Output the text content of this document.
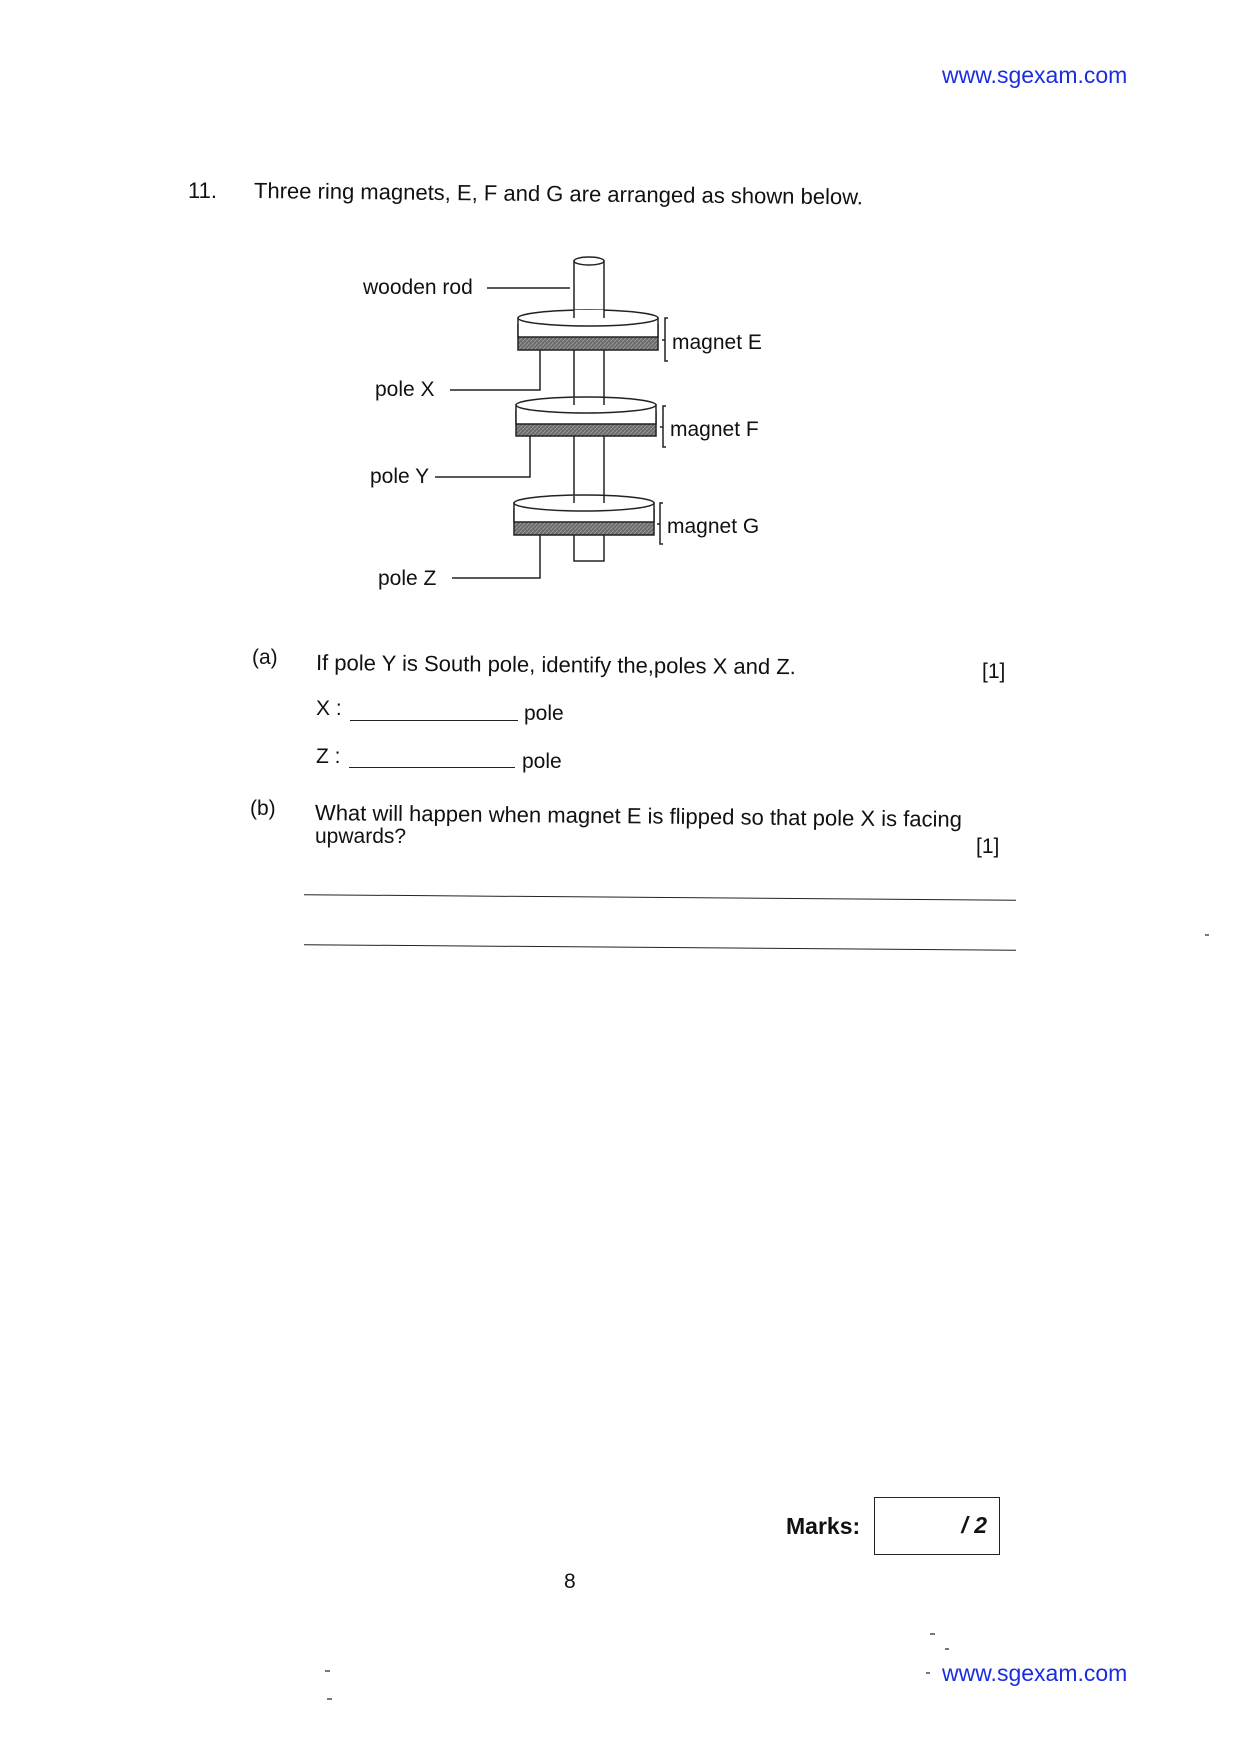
www.sgexam.com
www.sgexam.com
11. Three ring magnets, E, F and G are arranged as shown below.
wooden rod
pole X
pole Y
pole Z
magnet E
magnet F
magnet G
(a) If pole Y is South pole, identify the,poles X and Z.	[1]
X :	pole
Z :	pole
(b) What will happen when magnet E is flipped so that pole X is facing
upwards?	[1]
Marks:	/ 2
8
